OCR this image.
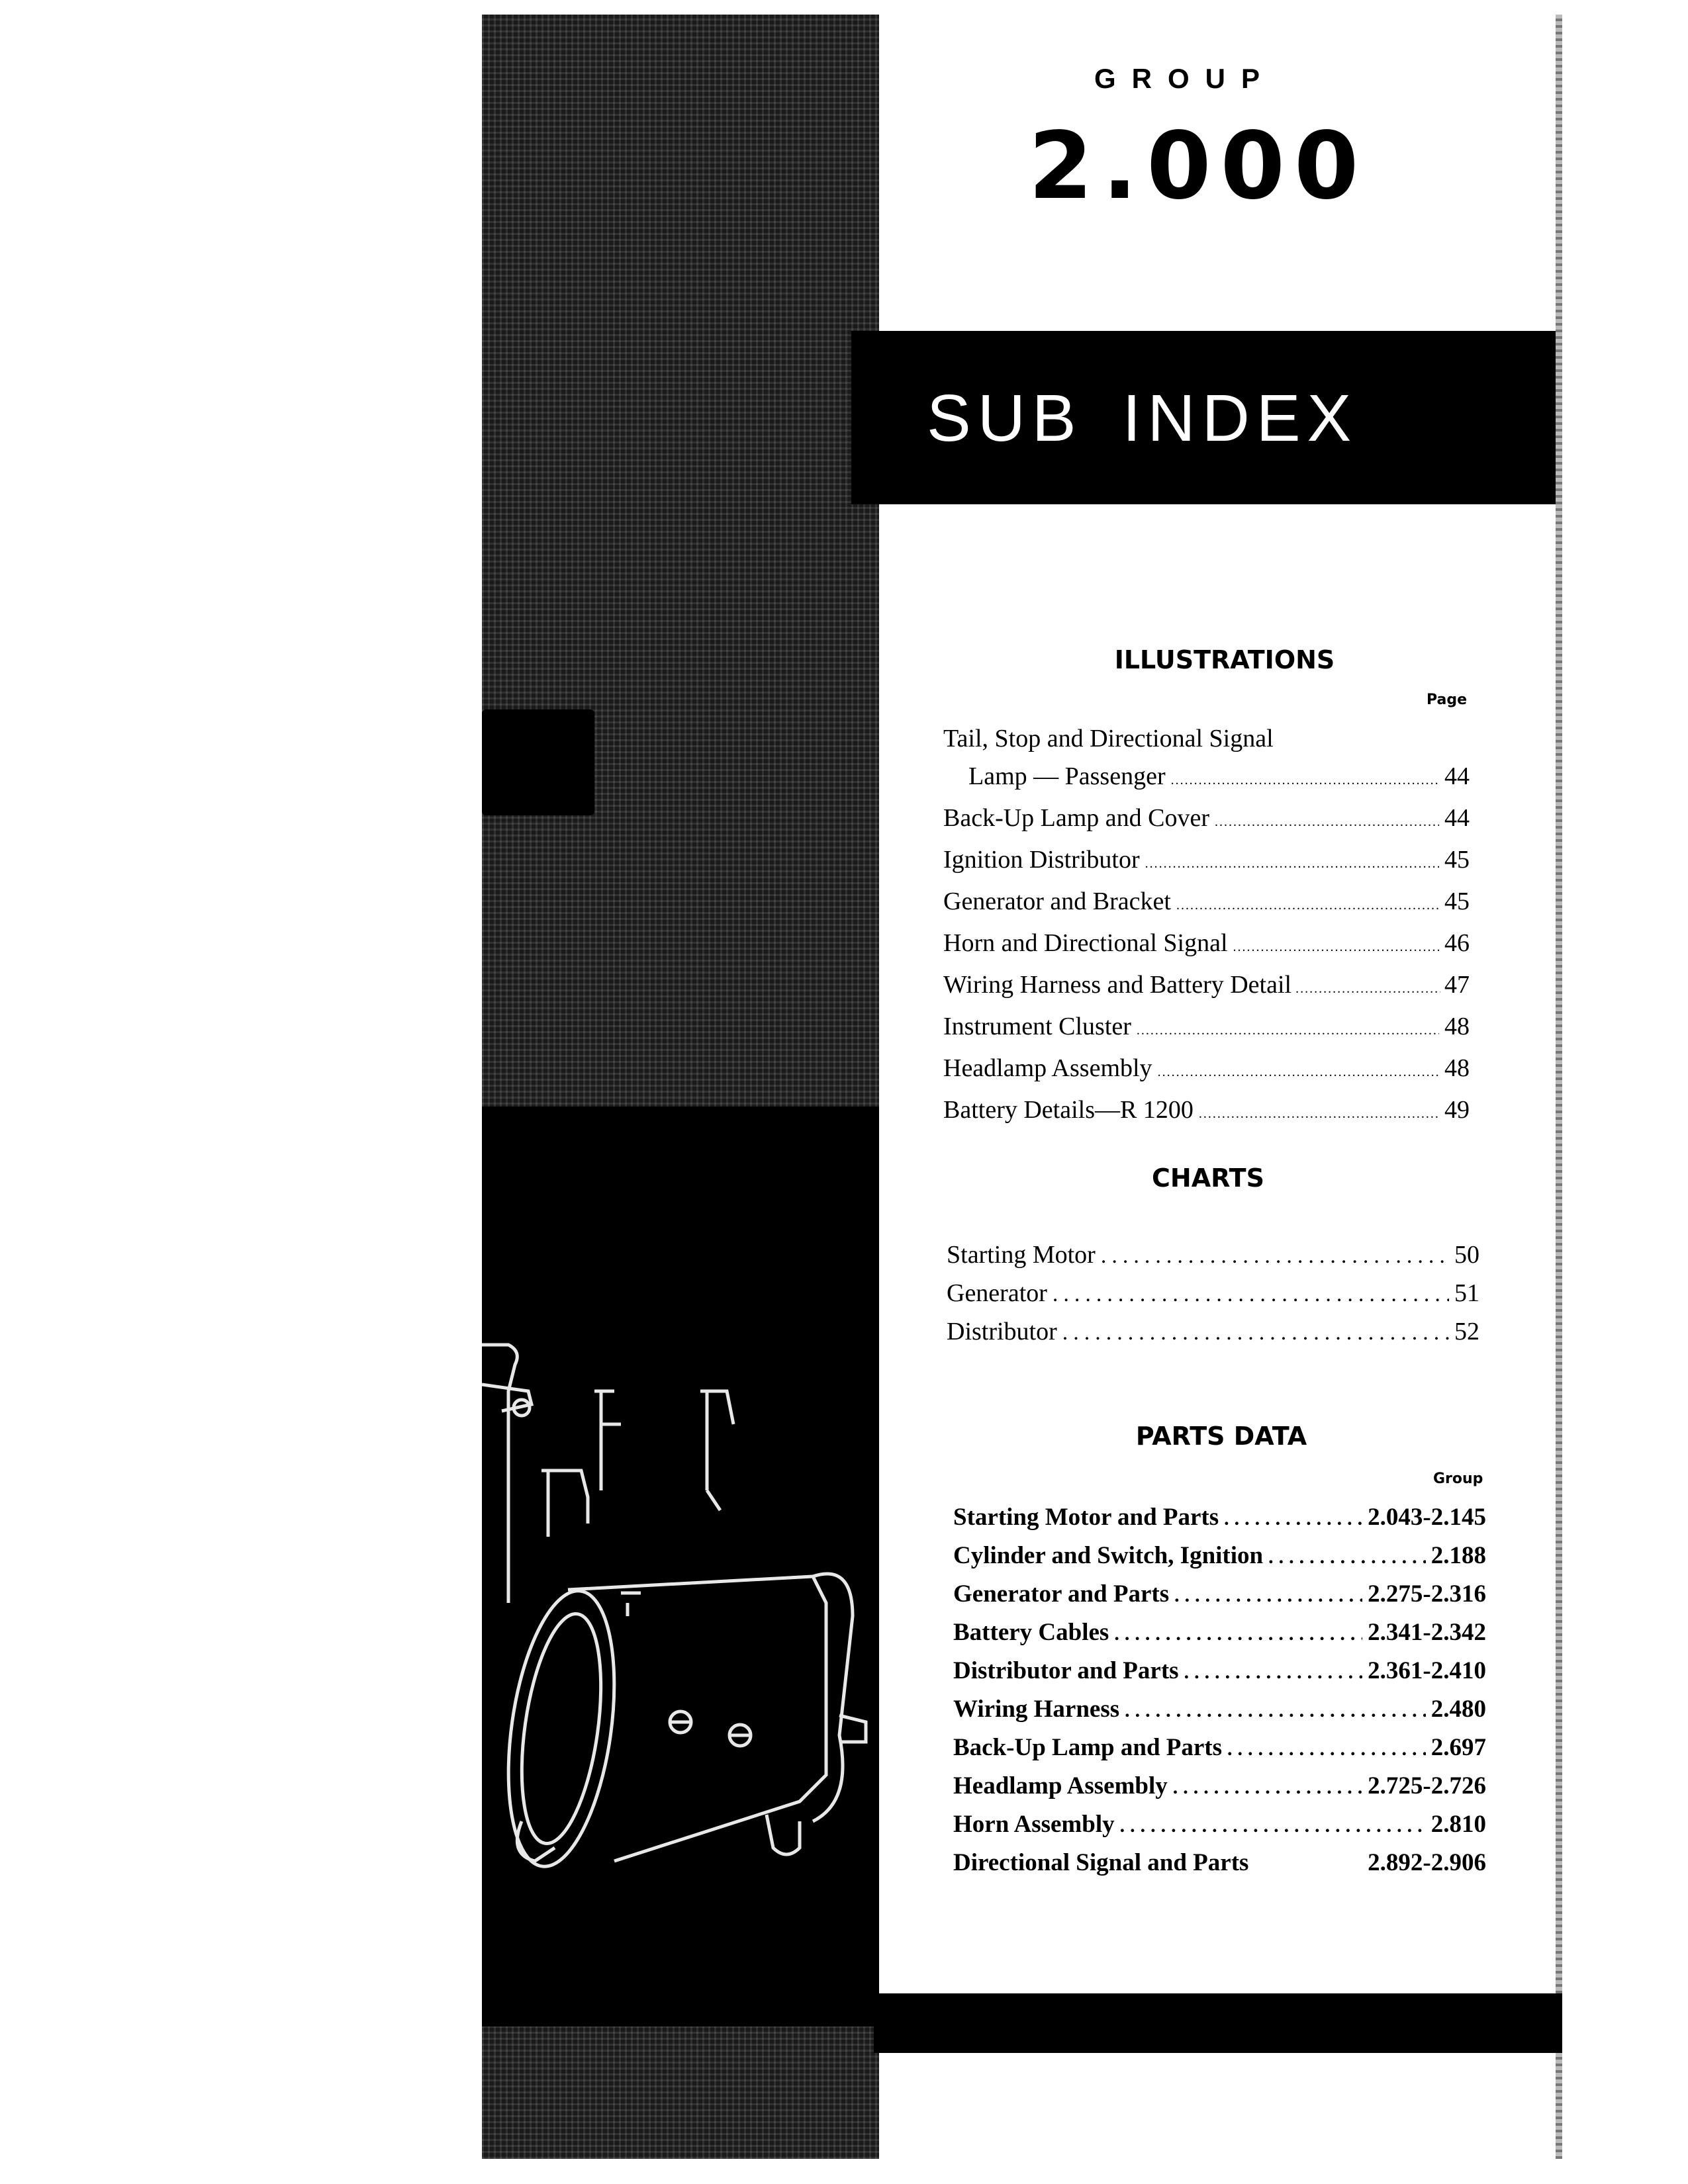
GROUP
2.000
SUB INDEX
ILLUSTRATIONS
Page
Tail, Stop and Directional Signal
Lamp — Passenger .....	44
Back-Up Lamp and Cover .....	44
Ignition Distributor .....	45
Generator and Bracket .....	45
Horn and Directional Signal .....	46
Wiring Harness and Battery Detail .....	47
Instrument Cluster .....	48
Headlamp Assembly .....	48
Battery Details—R 1200 .....	49
CHARTS
Starting Motor .....	50
Generator .....	51
Distributor .....	52
PARTS DATA
Group
Starting Motor and Parts .....	2.043-2.145
Cylinder and Switch, Ignition .....	2.188
Generator and Parts .....	2.275-2.316
Battery Cables .....	2.341-2.342
Distributor and Parts .....	2.361-2.410
Wiring Harness .....	2.480
Back-Up Lamp and Parts .....	2.697
Headlamp Assembly .....	2.725-2.726
Horn Assembly .....	2.810
Directional Signal and Parts	2.892-2.906
